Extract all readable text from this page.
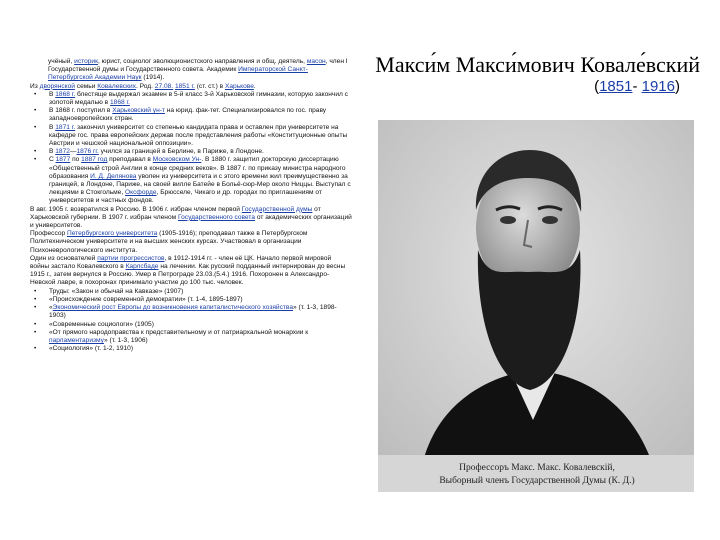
учёный, историк, юрист, социолог эволюционистского направления и общ. деятель, масон, член I Государственной думы и Государственного совета. Академик Императорской Санкт-Петербургской Академии Наук (1914).

Из дворянской семьи Ковалевских. Род. 27.08. 1851 г. (ст. ст.) в Харькове.

• В 1868 г. блестяще выдержал экзамен в 5-й класс 3-й Харьковской гимназии, которую закончил с золотой медалью в 1868 г.

• В 1868 г. поступил в Харьковский ун-т на юрид. фак-тет. Специализировался по гос. праву западноевропейских стран.

• В 1871 г. закончил университет со степенью кандидата права и оставлен при университете на кафедре гос. права европейских держав после представления работы «Конституционные опыты Австрии и чешской национальной оппозиции».

• В 1872—1876 гг. учился за границей в Берлине, в Париже, в Лондоне.

• С 1877 по 1887 год преподавал в Московском Ун-. В 1880 г. защитил докторскую диссертацию «Общественный строй Англии в конце средних веков». В 1887 г. по приказу министра народного образования И. Д. Делянова уволен из университета и с этого времени жил преимущественно за границей, в Лондоне, Париже, на своей вилле Батейе в Больё-сюр-Мер около Ниццы. Выступал с лекциями в Стокгольме, Оксфорде, Брюсселе, Чикаго и др. городах по приглашениям от университетов и частных фондов.

В авг. 1905 г. возвратился в Россию. В 1906 г. избран членом первой Государственной думы от Харьковской губернии. В 1907 г. избран членом Государственного совета от академических организаций и университетов.

Профессор Петербургского университета (1905-1916); преподавал также в Петербургском Политехническом университете и на высших женских курсах. Участвовал в организации Психоневрологического института.

Один из основателей партии прогрессистов, в 1912-1914 гг. - член её ЦК. Начало первой мировой войны застало Ковалевского в Карлсбаде на лечении. Как русский подданный интернирован до весны 1915 г., затем вернулся в Россию. Умер в Петрограде 23.03.(5.4.) 1916. Похоронен в Александро-Невской лавре, в похоронах принимало участие до 100 тыс. человек.

• Труды: «Закон и обычай на Кавказе» (1907)

• «Происхождение современной демократии» (т. 1-4, 1895-1897)

• «Экономический рост Европы до возникновения капиталистического хозяйства» (т. 1-3, 1898-1903)

• «Современные социологи» (1905)

• «От прямого народоправства к представительному и от патриархальной монархии к парламентаризму» (т. 1-3, 1906)

• «Социология» (т. 1-2, 1910)

Макси́м Макси́мович Ковале́вский
(1851- 1916)
Профессоръ Макс. Макс. Ковалевскій,
Выборный членъ Государственной Думы (К. Д.)
